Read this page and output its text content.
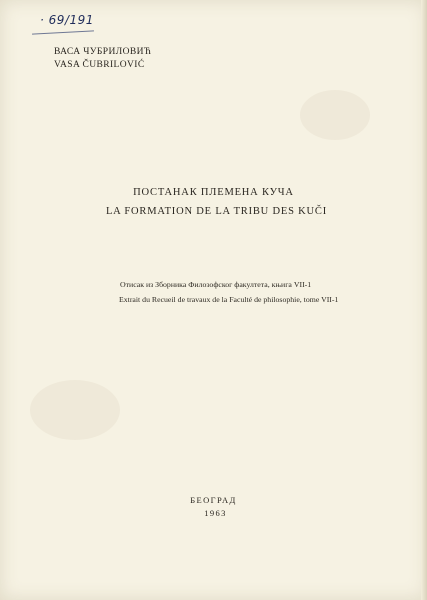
· 69/191
ВАСА ЧУБРИЛОВИЋ
VASA ČUBRILOVIĆ
ПОСТАНАК ПЛЕМЕНА КУЧА
LA FORMATION DE LA TRIBU DES KUČI
Отисак из Зборника Филозофског факултета, књига VII-1
Extrait du Recueil de travaux de la Faculté de philosophie, tome VII-1
БЕОГРАД
1963
